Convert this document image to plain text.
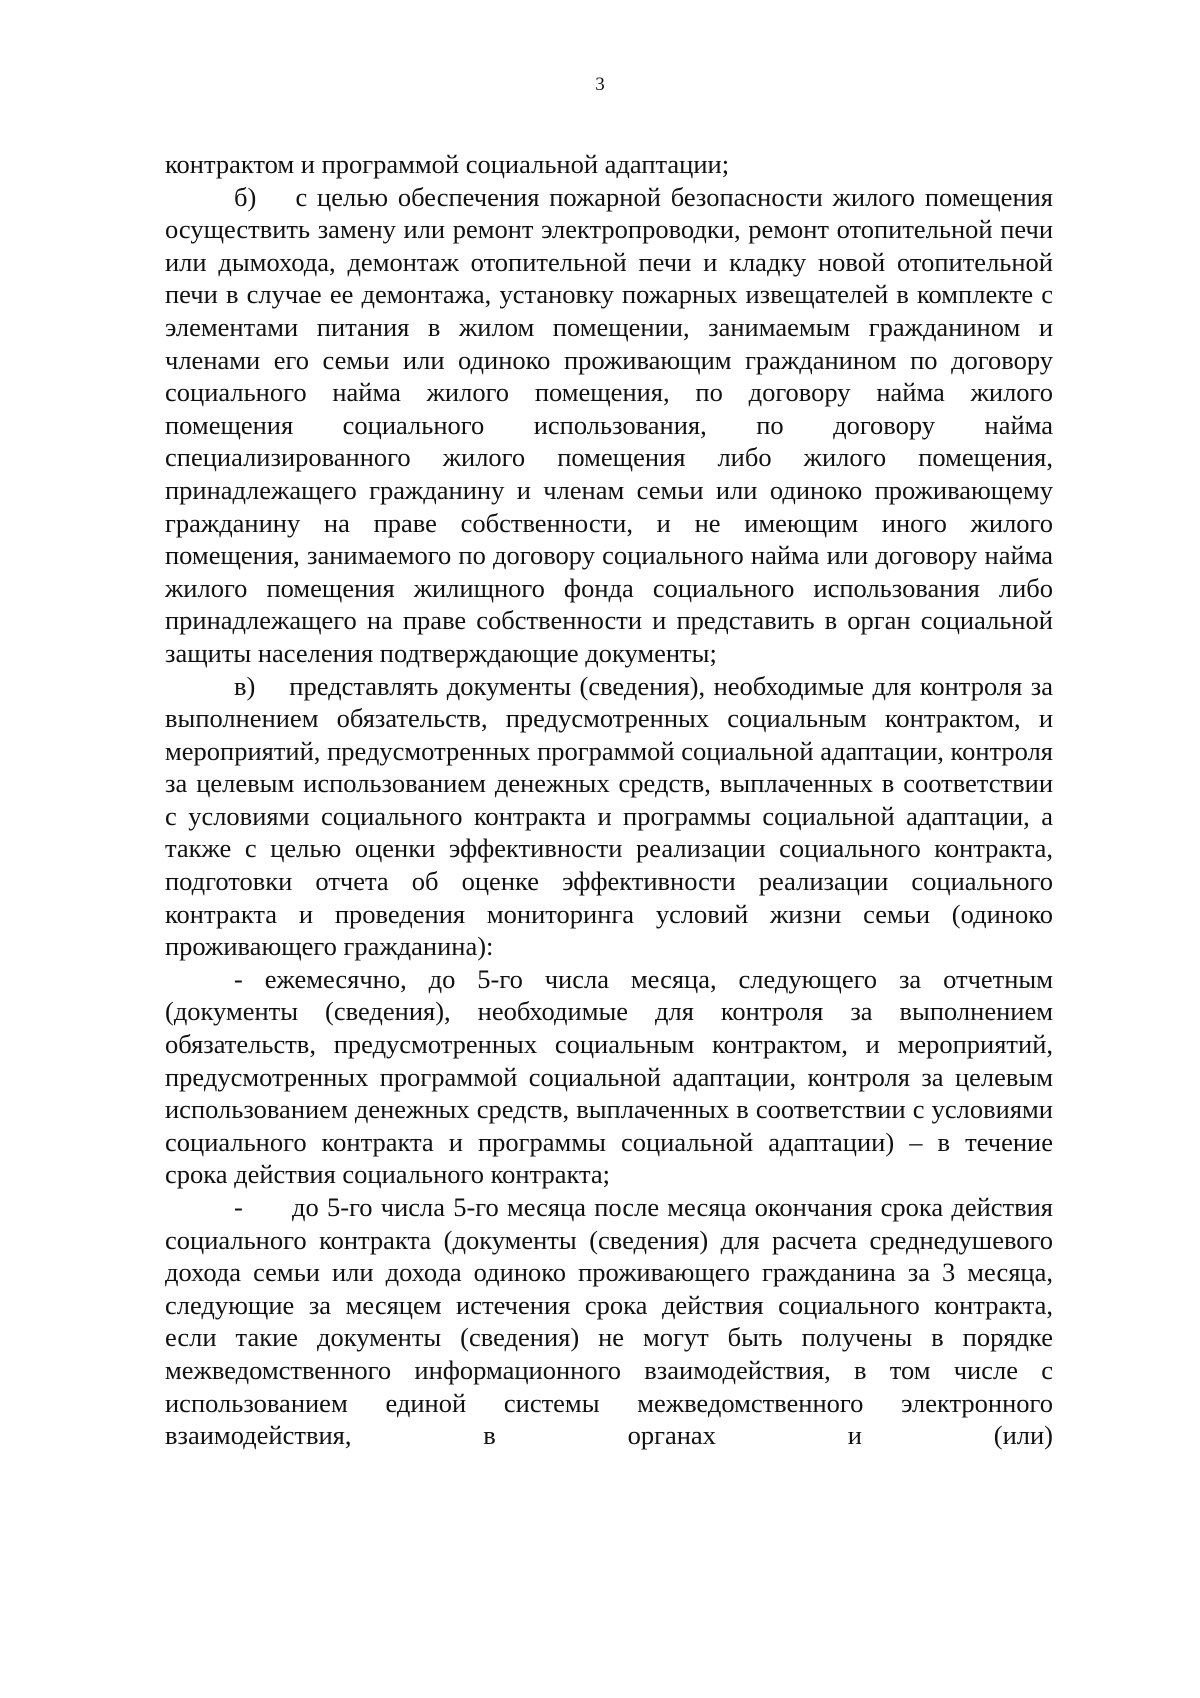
3

контрактом и программой социальной адаптации;

б)    с целью обеспечения пожарной безопасности жилого помещения осуществить замену или ремонт электропроводки, ремонт отопительной печи или дымохода, демонтаж отопительной печи и кладку новой отопительной печи в случае ее демонтажа, установку пожарных извещателей в комплекте с элементами питания в жилом помещении, занимаемым гражданином и членами его семьи или одиноко проживающим гражданином по договору социального найма жилого помещения, по договору найма жилого помещения социального использования, по договору найма специализированного жилого помещения либо жилого помещения, принадлежащего гражданину и членам семьи или одиноко проживающему гражданину на праве собственности, и не имеющим иного жилого помещения, занимаемого по договору социального найма или договору найма жилого помещения жилищного фонда социального использования либо принадлежащего на праве собственности и представить в орган социальной защиты населения подтверждающие документы;

в)    представлять документы (сведения), необходимые для контроля за выполнением обязательств, предусмотренных социальным контрактом, и мероприятий, предусмотренных программой социальной адаптации, контроля за целевым использованием денежных средств, выплаченных в соответствии с условиями социального контракта и программы социальной адаптации, а также с целью оценки эффективности реализации социального контракта, подготовки отчета об оценке эффективности реализации социального контракта и проведения мониторинга условий жизни семьи (одиноко проживающего гражданина):

- ежемесячно, до 5-го числа месяца, следующего за отчетным (документы (сведения), необходимые для контроля за выполнением обязательств, предусмотренных социальным контрактом, и мероприятий, предусмотренных программой социальной адаптации, контроля за целевым использованием денежных средств, выплаченных в соответствии с условиями социального контракта и программы социальной адаптации) – в течение срока действия социального контракта;

-      до 5-го числа 5-го месяца после месяца окончания срока действия социального контракта (документы (сведения) для расчета среднедушевого дохода семьи или дохода одиноко проживающего гражданина за 3 месяца, следующие за месяцем истечения срока действия социального контракта, если такие документы (сведения) не могут быть получены в порядке межведомственного информационного взаимодействия, в том числе с использованием единой системы межведомственного электронного взаимодействия, в органах и (или)
